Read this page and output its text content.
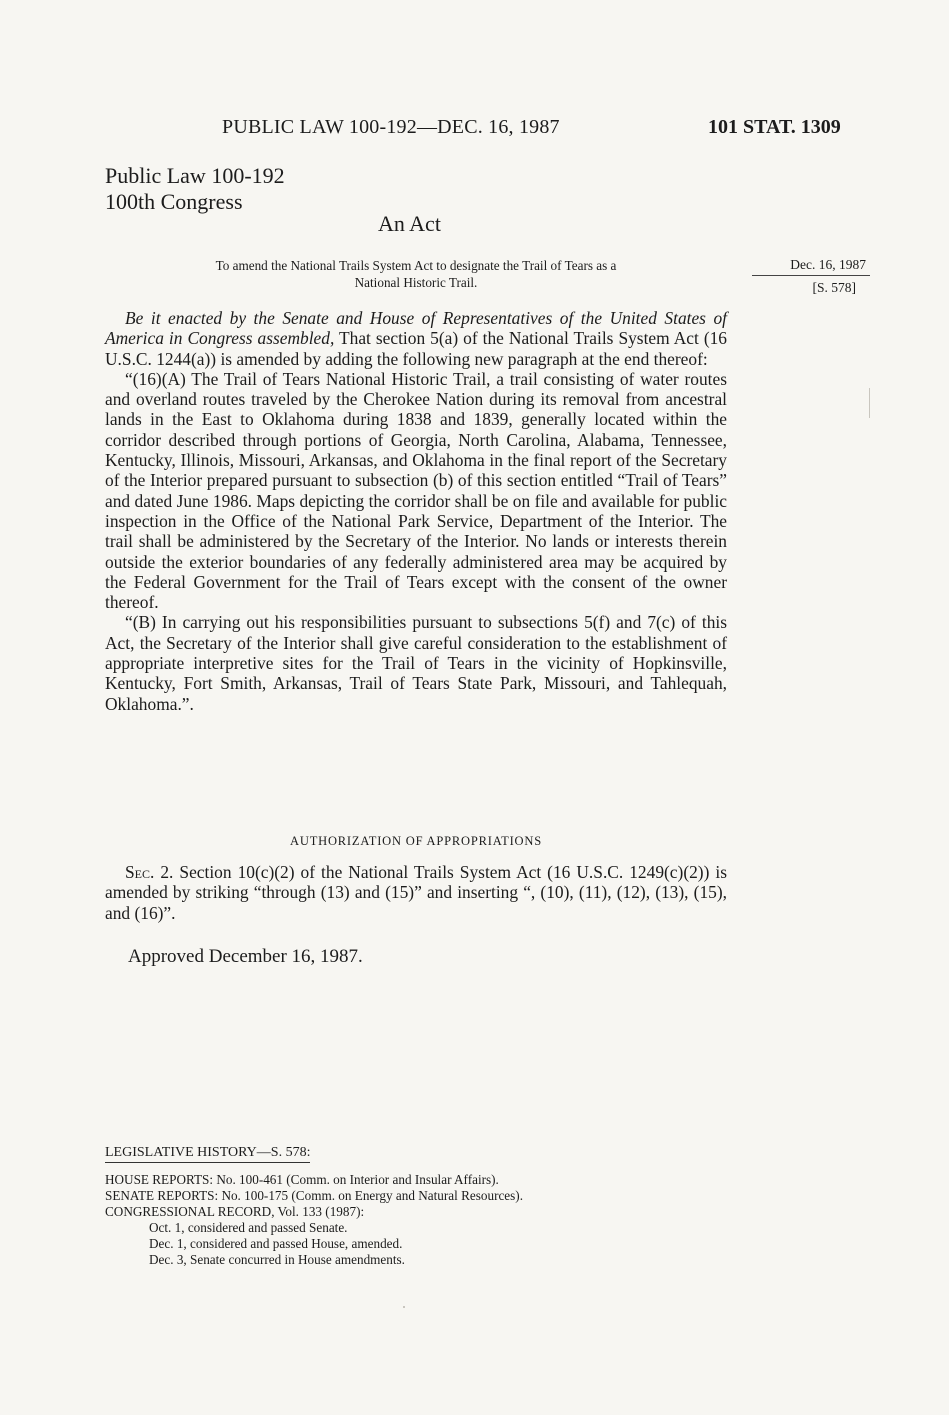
PUBLIC LAW 100-192—DEC. 16, 1987	101 STAT. 1309
Public Law 100-192
100th Congress
An Act
To amend the National Trails System Act to designate the Trail of Tears as a
National Historic Trail.
Dec. 16, 1987
[S. 578]

Be it enacted by the Senate and House of Representatives of the United States of America in Congress assembled, That section 5(a) of the National Trails System Act (16 U.S.C. 1244(a)) is amended by adding the following new paragraph at the end thereof:

“(16)(A) The Trail of Tears National Historic Trail, a trail consisting of water routes and overland routes traveled by the Cherokee Nation during its removal from ancestral lands in the East to Oklahoma during 1838 and 1839, generally located within the corridor described through portions of Georgia, North Carolina, Alabama, Tennessee, Kentucky, Illinois, Missouri, Arkansas, and Oklahoma in the final report of the Secretary of the Interior prepared pursuant to subsection (b) of this section entitled “Trail of Tears” and dated June 1986. Maps depicting the corridor shall be on file and available for public inspection in the Office of the National Park Service, Department of the Interior. The trail shall be administered by the Secretary of the Interior. No lands or interests therein outside the exterior boundaries of any federally administered area may be acquired by the Federal Government for the Trail of Tears except with the consent of the owner thereof.

“(B) In carrying out his responsibilities pursuant to subsections 5(f) and 7(c) of this Act, the Secretary of the Interior shall give careful consideration to the establishment of appropriate interpretive sites for the Trail of Tears in the vicinity of Hopkinsville, Kentucky, Fort Smith, Arkansas, Trail of Tears State Park, Missouri, and Tahlequah, Oklahoma.”.

AUTHORIZATION OF APPROPRIATIONS

Sec. 2. Section 10(c)(2) of the National Trails System Act (16 U.S.C. 1249(c)(2)) is amended by striking “through (13) and (15)” and inserting “, (10), (11), (12), (13), (15), and (16)”.

Approved December 16, 1987.
LEGISLATIVE HISTORY—S. 578:
HOUSE REPORTS: No. 100-461 (Comm. on Interior and Insular Affairs).
SENATE REPORTS: No. 100-175 (Comm. on Energy and Natural Resources).
CONGRESSIONAL RECORD, Vol. 133 (1987):
Oct. 1, considered and passed Senate.
Dec. 1, considered and passed House, amended.
Dec. 3, Senate concurred in House amendments.
